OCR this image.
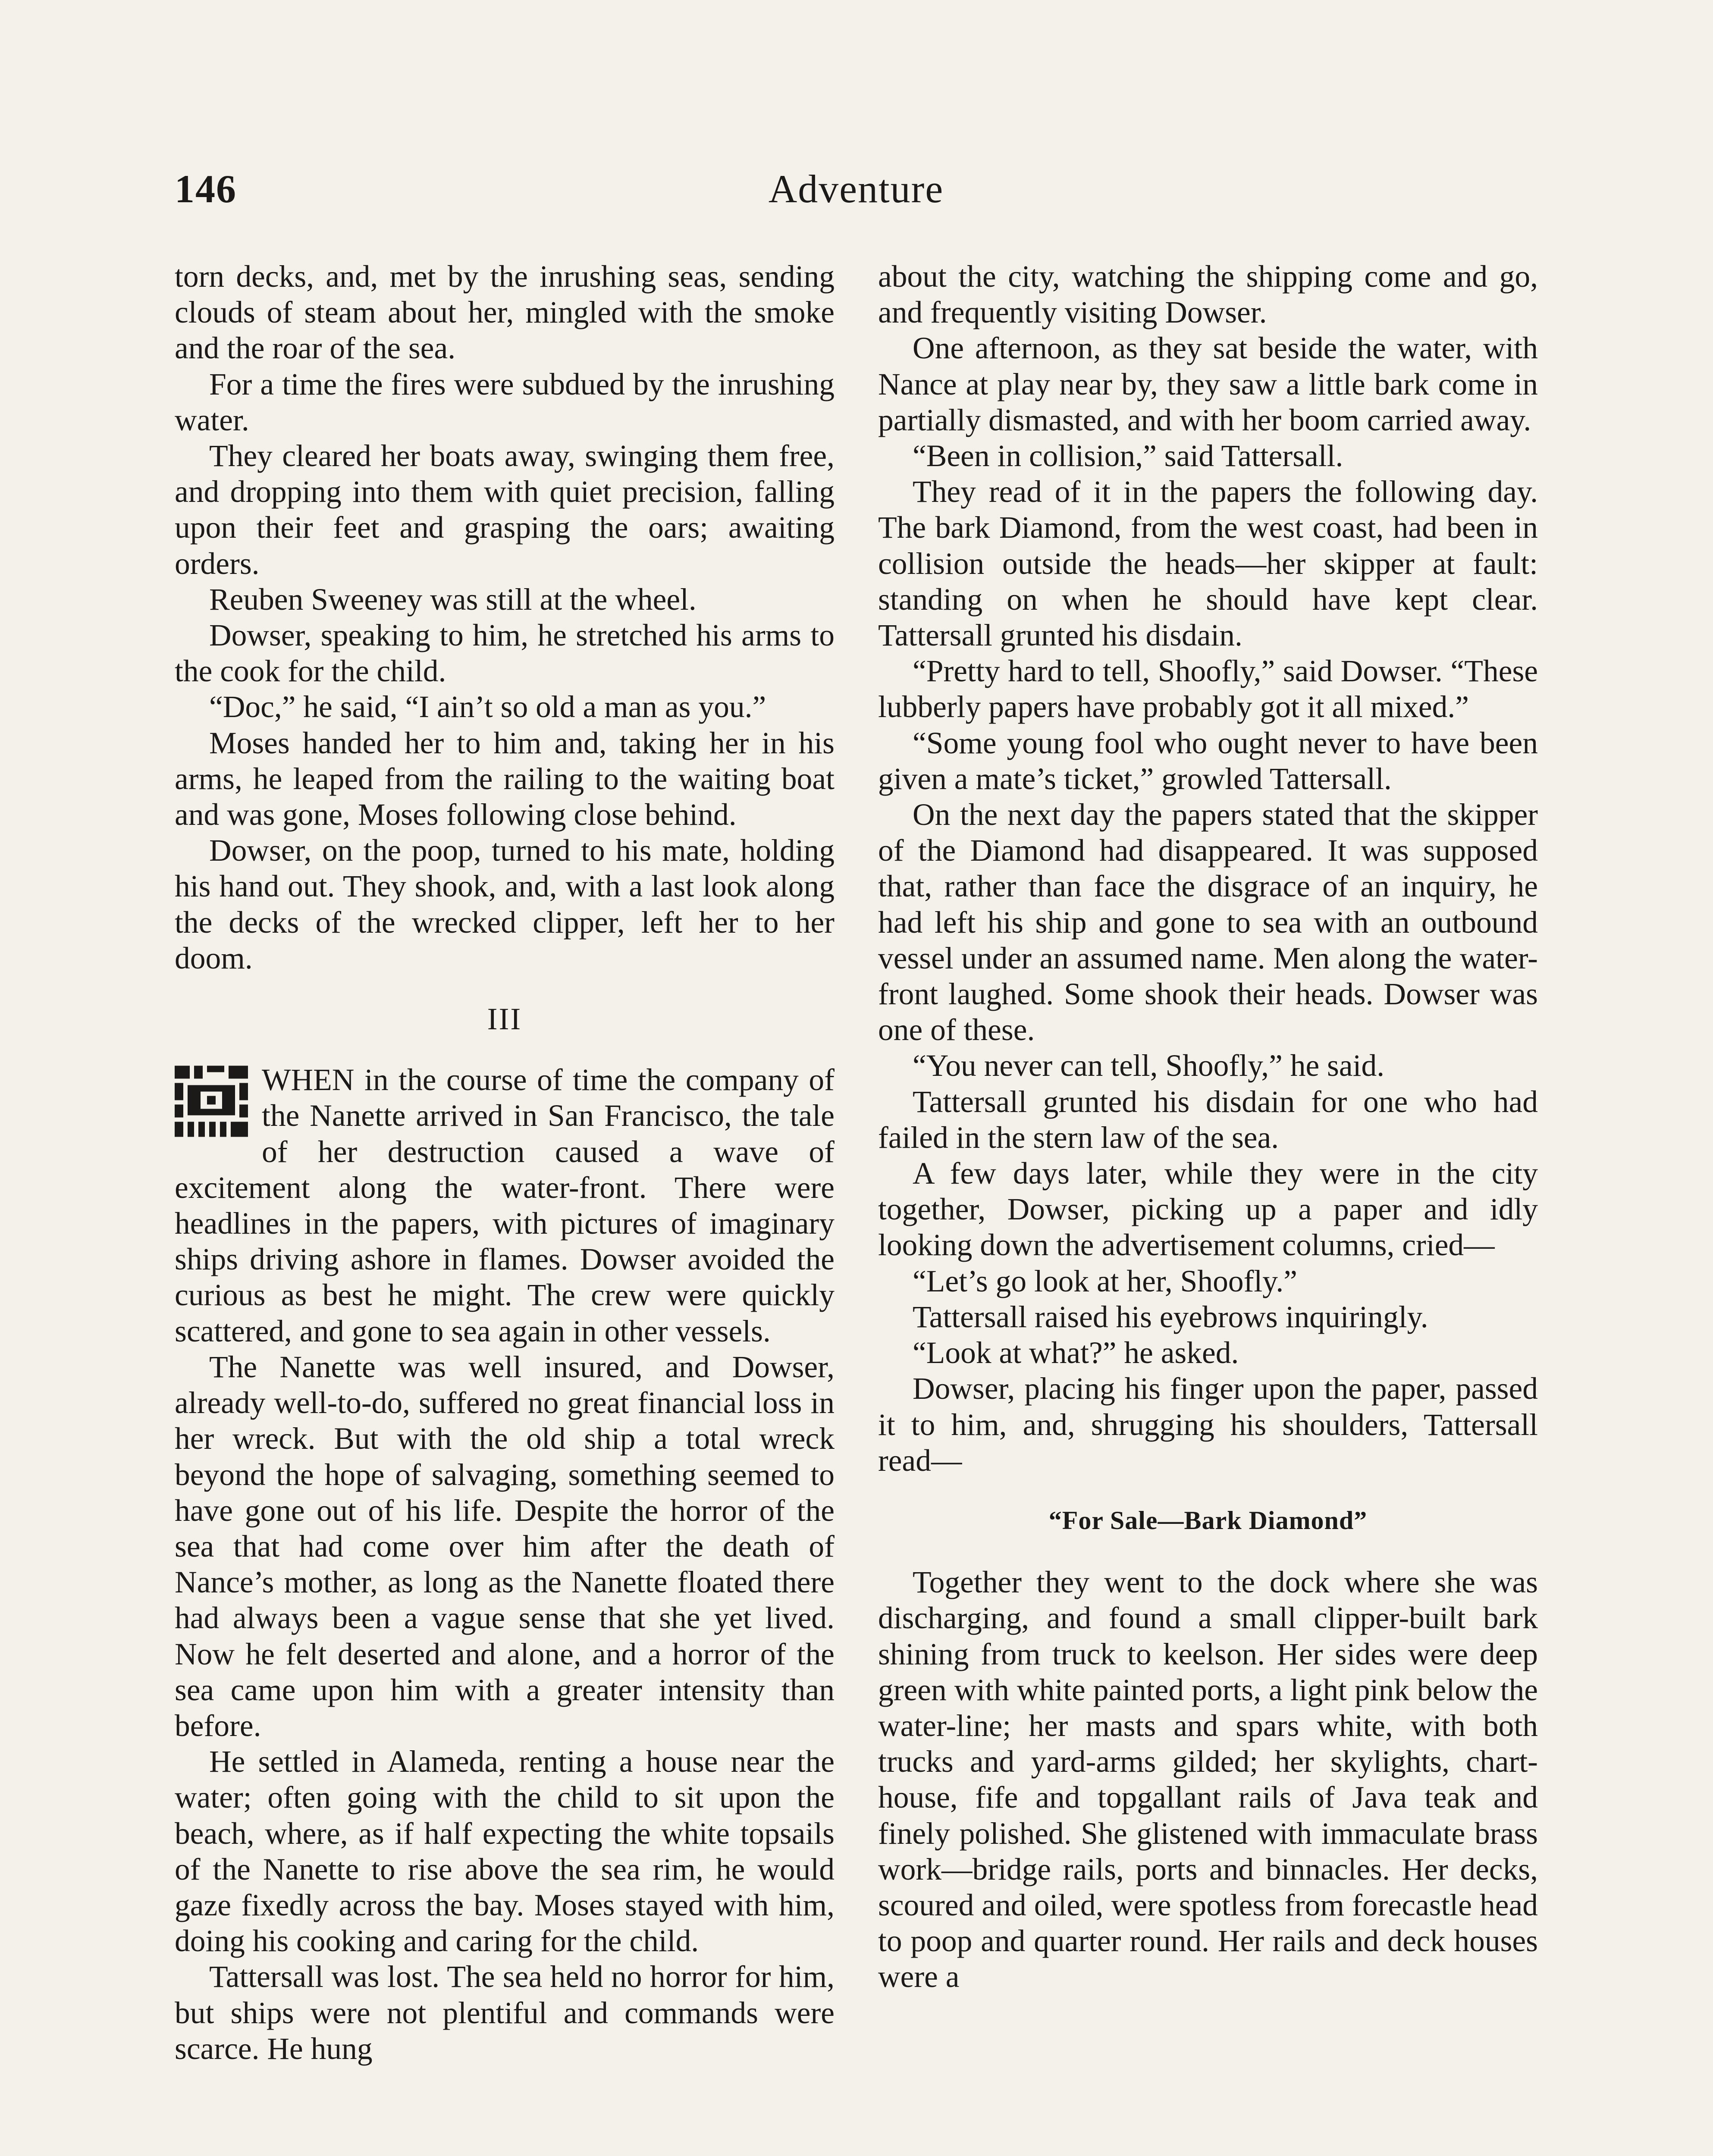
146	Adventure

torn decks, and, met by the inrushing seas, sending clouds of steam about her, mingled with the smoke and the roar of the sea.

For a time the fires were subdued by the inrushing water.

They cleared her boats away, swinging them free, and dropping into them with quiet precision, falling upon their feet and grasping the oars; awaiting orders.

Reuben Sweeney was still at the wheel.

Dowser, speaking to him, he stretched his arms to the cook for the child.

“Doc,” he said, “I ain’t so old a man as you.”

Moses handed her to him and, taking her in his arms, he leaped from the railing to the waiting boat and was gone, Moses following close behind.

Dowser, on the poop, turned to his mate, holding his hand out. They shook, and, with a last look along the decks of the wrecked clipper, left her to her doom.

III

WHEN in the course of time the company of the Nanette arrived in San Francisco, the tale of her destruction caused a wave of excitement along the water-front. There were headlines in the papers, with pictures of imaginary ships driving ashore in flames. Dowser avoided the curious as best he might. The crew were quickly scattered, and gone to sea again in other vessels.

The Nanette was well insured, and Dowser, already well-to-do, suffered no great financial loss in her wreck. But with the old ship a total wreck beyond the hope of salvaging, something seemed to have gone out of his life. Despite the horror of the sea that had come over him after the death of Nance’s mother, as long as the Nanette floated there had always been a vague sense that she yet lived. Now he felt deserted and alone, and a horror of the sea came upon him with a greater intensity than before.

He settled in Alameda, renting a house near the water; often going with the child to sit upon the beach, where, as if half expecting the white topsails of the Nanette to rise above the sea rim, he would gaze fixedly across the bay. Moses stayed with him, doing his cooking and caring for the child.

Tattersall was lost. The sea held no horror for him, but ships were not plentiful and commands were scarce. He hung

about the city, watching the shipping come and go, and frequently visiting Dowser.

One afternoon, as they sat beside the water, with Nance at play near by, they saw a little bark come in partially dismasted, and with her boom carried away.

“Been in collision,” said Tattersall.

They read of it in the papers the following day. The bark Diamond, from the west coast, had been in collision outside the heads—her skipper at fault: standing on when he should have kept clear. Tattersall grunted his disdain.

“Pretty hard to tell, Shoofly,” said Dowser. “These lubberly papers have probably got it all mixed.”

“Some young fool who ought never to have been given a mate’s ticket,” growled Tattersall.

On the next day the papers stated that the skipper of the Diamond had disappeared. It was supposed that, rather than face the disgrace of an inquiry, he had left his ship and gone to sea with an outbound vessel under an assumed name. Men along the water-front laughed. Some shook their heads. Dowser was one of these.

“You never can tell, Shoofly,” he said.

Tattersall grunted his disdain for one who had failed in the stern law of the sea.

A few days later, while they were in the city together, Dowser, picking up a paper and idly looking down the advertisement columns, cried—

“Let’s go look at her, Shoofly.”

Tattersall raised his eyebrows inquiringly.

“Look at what?” he asked.

Dowser, placing his finger upon the paper, passed it to him, and, shrugging his shoulders, Tattersall read—

“For Sale—Bark Diamond”

Together they went to the dock where she was discharging, and found a small clipper-built bark shining from truck to keelson. Her sides were deep green with white painted ports, a light pink below the water-line; her masts and spars white, with both trucks and yard-arms gilded; her skylights, chart-house, fife and topgallant rails of Java teak and finely polished. She glistened with immaculate brass work—bridge rails, ports and binnacles. Her decks, scoured and oiled, were spotless from forecastle head to poop and quarter round. Her rails and deck houses were a
